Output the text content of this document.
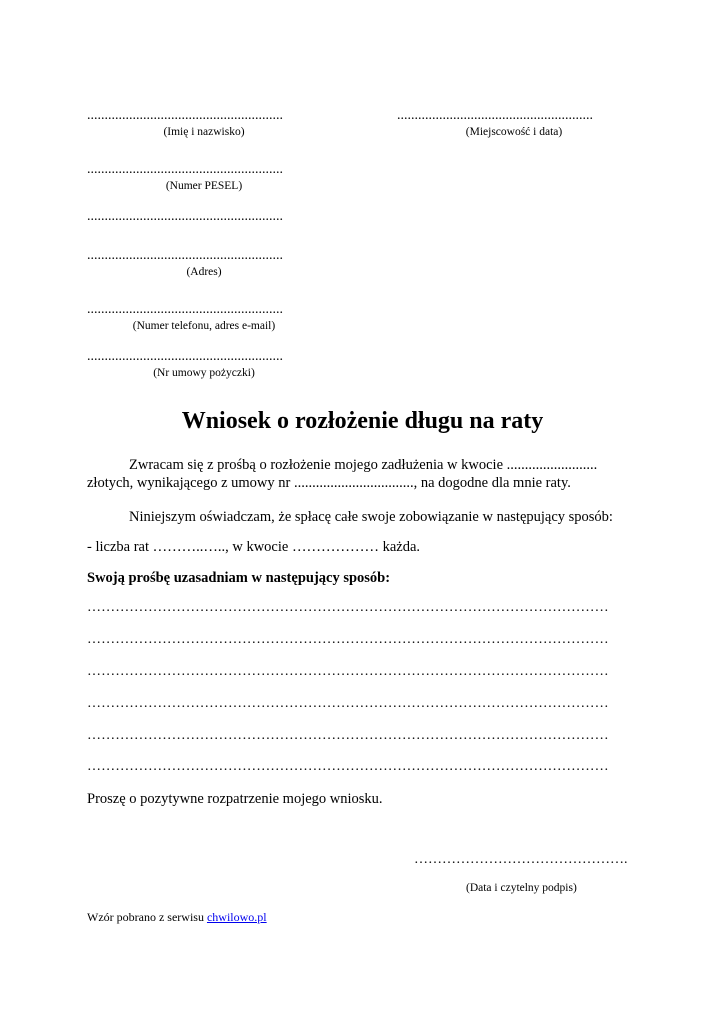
........................................................
(Imię i nazwisko)
........................................................
(Miejscowość i data)
........................................................
(Numer PESEL)
........................................................
........................................................
(Adres)
........................................................
(Numer telefonu, adres e-mail)
........................................................
(Nr umowy pożyczki)
Wniosek o rozłożenie długu na raty
Zwracam się z prośbą o rozłożenie mojego zadłużenia w kwocie .........................
złotych, wynikającego z umowy nr ................................., na dogodne dla mnie raty.
Niniejszym oświadczam, że spłacę całe swoje zobowiązanie w następujący sposób:
- liczba rat ………..….., w kwocie ……………… każda.
Swoją prośbę uzasadniam w następujący sposób:
…………………………………………………………………………………………………
…………………………………………………………………………………………………
…………………………………………………………………………………………………
…………………………………………………………………………………………………
…………………………………………………………………………………………………
…………………………………………………………………………………………………
Proszę o pozytywne rozpatrzenie mojego wniosku.
……………………………………….
(Data i czytelny podpis)
Wzór pobrano z serwisu chwilowo.pl
